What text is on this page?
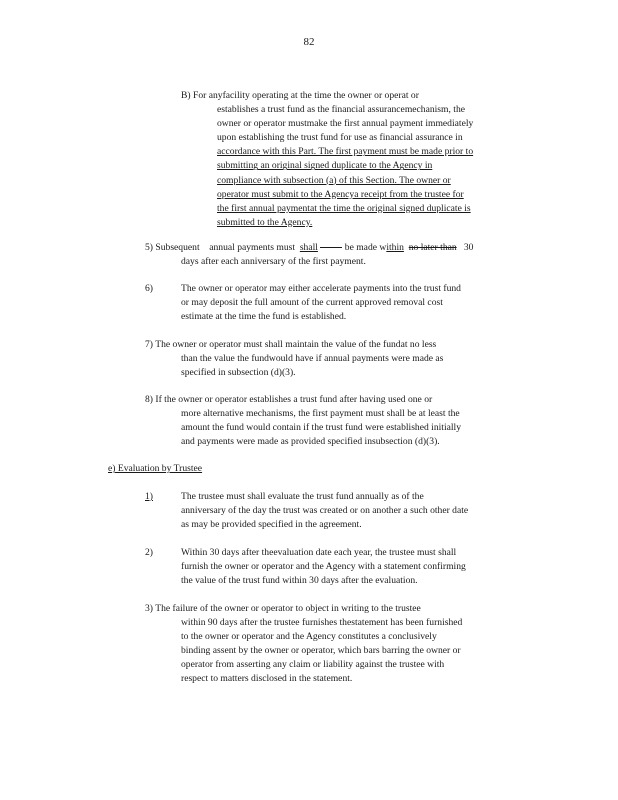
82
B) For anyfacility operating at the time the owner or operat or
establishes a trust fund as the financial assurancemechanism, the
owner or operator mustmake the first annual payment immediately
upon establishing the trust fund for use as financial assurance in
accordance with this Part. The first payment must be made prior to
submitting an original signed duplicate to the Agency in
compliance with subsection (a) of this Section. The owner or
operator must submit to the Agencya receipt from the trustee for
the first annual paymentat the time the original signed duplicate is
submitted to the Agency.
5) Subsequent annual payments must shall	be made within no later than 30
days after each anniversary of the first payment.
6)	The owner or operator may either accelerate payments into the trust fund
or may deposit the full amount of the current approved removal cost
estimate at the time the fund is established.
7) The owner or operator must shall maintain the value of the fundat no less
than the value the fundwould have if annual payments were made as
specified in subsection (d)(3).
8) If the owner or operator establishes a trust fund after having used one or
more alternative mechanisms, the first payment must shall be at least the
amount the fund would contain if the trust fund were established initially
and payments were made as provided specified insubsection (d)(3).
e) Evaluation by Trustee
1)	The trustee must shall evaluate the trust fund annually as of the
anniversary of the day the trust was created or on another a such other date
as may be provided specified in the agreement.
2)	Within 30 days after theevaluation date each year, the trustee must shall
furnish the owner or operator and the Agency with a statement confirming
the value of the trust fund within 30 days after the evaluation.
3) The failure of the owner or operator to object in writing to the trustee
within 90 days after the trustee furnishes thestatement has been furnished
to the owner or operator and the Agency constitutes a conclusively
binding assent by the owner or operator, which bars barring the owner or
operator from asserting any claim or liability against the trustee with
respect to matters disclosed in the statement.
